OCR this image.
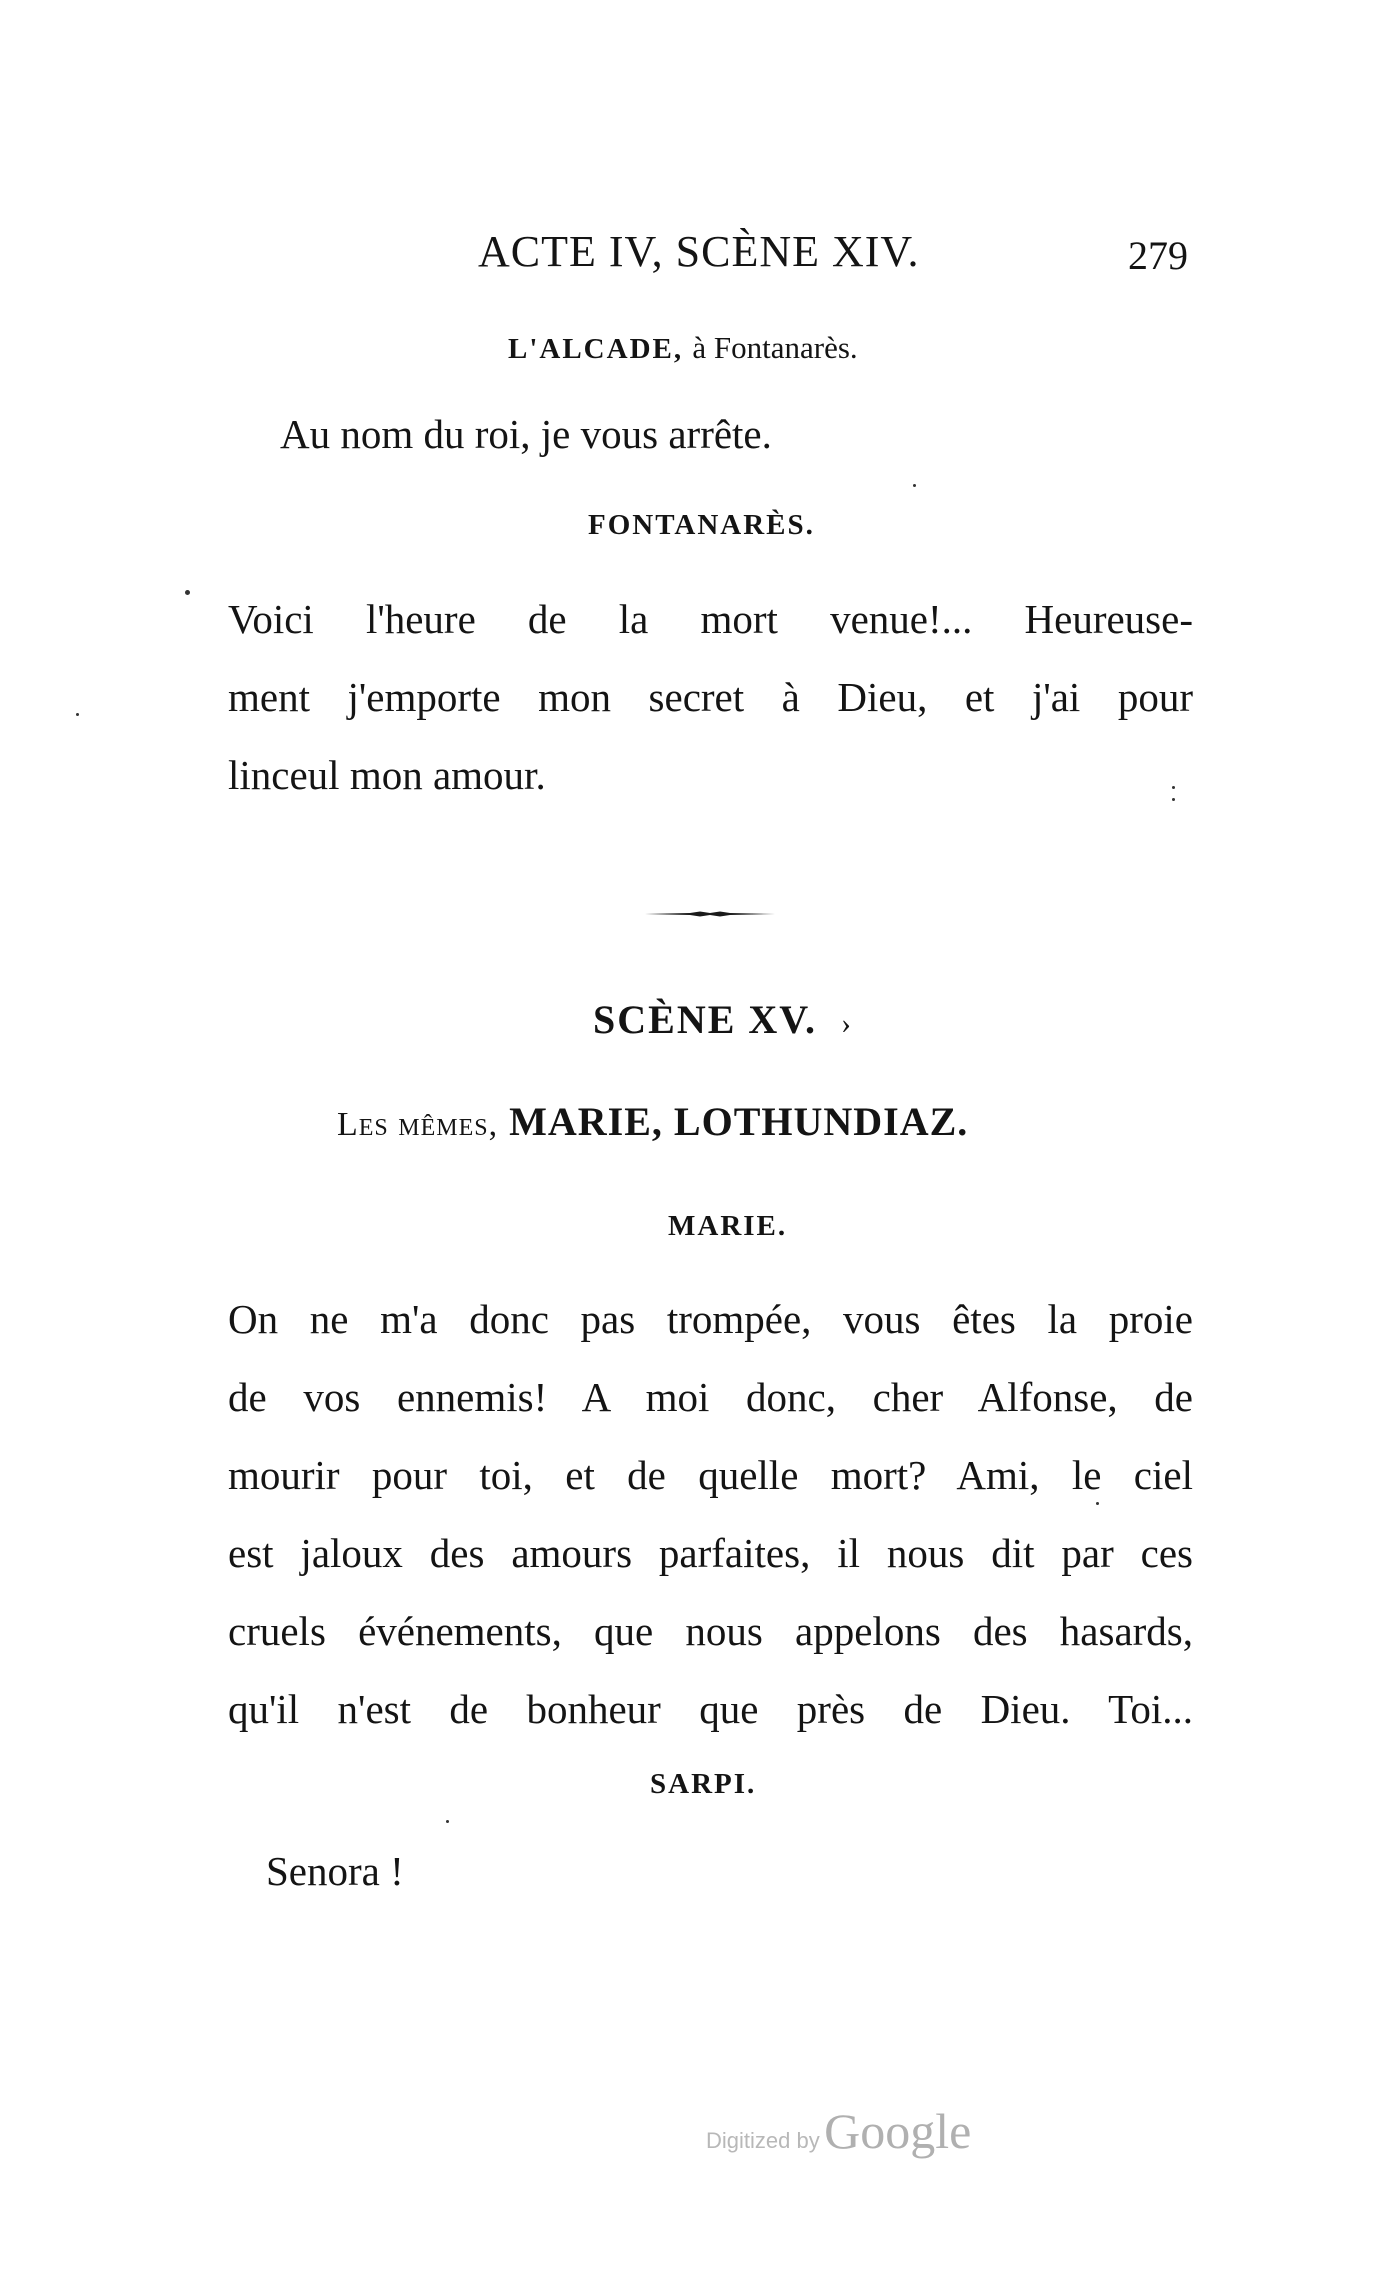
ACTE IV, SCÈNE XIV.	279
L'ALCADE, à Fontanarès.

Au nom du roi, je vous arrête.

FONTANARÈS.

Voici l'heure de la mort venue!... Heureuse-

ment j'emporte mon secret à Dieu, et j'ai pour

linceul mon amour.

SCÈNE XV. ›
Les mêmes, MARIE, LOTHUNDIAZ.
MARIE.

On ne m'a donc pas trompée, vous êtes la proie

de vos ennemis! A moi donc, cher Alfonse, de

mourir pour toi, et de quelle mort? Ami, le ciel

est jaloux des amours parfaites, il nous dit par ces

cruels événements, que nous appelons des hasards,

qu'il n'est de bonheur que près de Dieu. Toi...

SARPI.

Senora !

Digitized by Google
